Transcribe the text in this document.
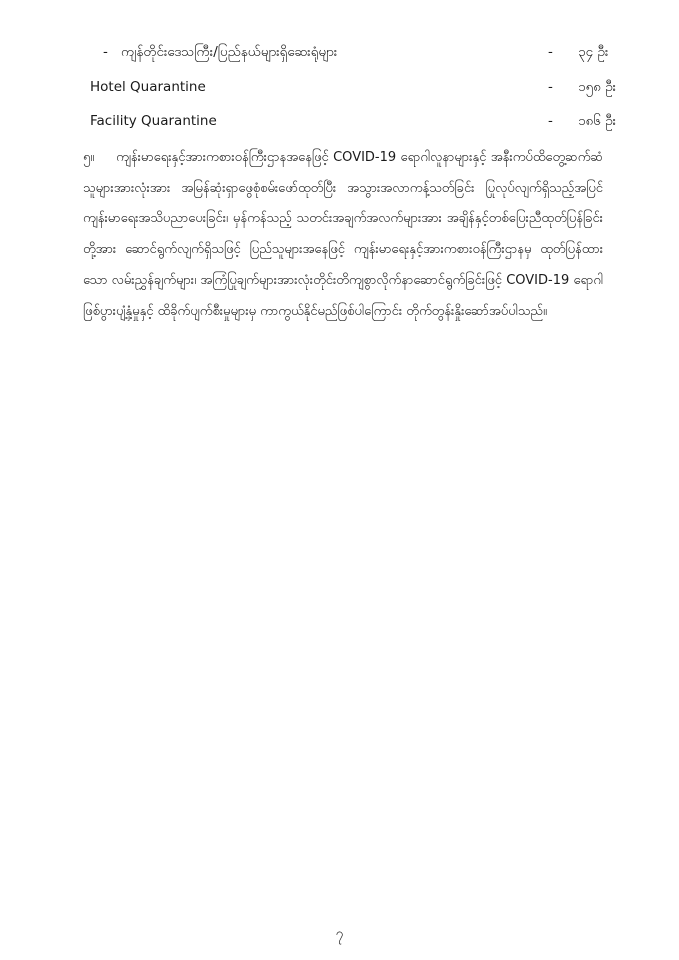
- ကျန်တိုင်းဒေသကြီး/ပြည်နယ်များရှိဆေးရုံများ	- ၃၄ ဦး
Hotel Quarantine	- ၁၅၈ ဦး
Facility Quarantine	- ၁၈၆ ဦး

၅။ ကျန်းမာရေးနှင့်အားကစားဝန်ကြီးဌာနအနေဖြင့် COVID-19 ရောဂါလူနာများနှင့် အနီးကပ်ထိတွေ့ဆက်ဆံသူများအားလုံးအား အမြန်ဆုံးရှာဖွေစုံစမ်းဖော်ထုတ်ပြီး အသွားအလာကန့်သတ်ခြင်း ပြုလုပ်လျက်ရှိသည့်အပြင် ကျန်းမာရေးအသိပညာပေးခြင်း၊ မှန်ကန်သည့် သတင်းအချက်အလက်များအား အချိန်နှင့်တစ်ပြေးညီထုတ်ပြန်ခြင်းတို့အား ဆောင်ရွက်လျက်ရှိသဖြင့် ပြည်သူများအနေဖြင့် ကျန်းမာရေးနှင့်အားကစားဝန်ကြီးဌာနမှ ထုတ်ပြန်ထားသော လမ်းညွှန်ချက်များ၊ အကြံပြုချက်များအားလုံးတိုင်းတိကျစွာလိုက်နာဆောင်ရွက်ခြင်းဖြင့် COVID-19 ရောဂါဖြစ်ပွားပျံ့နှံ့မှုနှင့် ထိခိုက်ပျက်စီးမှုများမှ ကာကွယ်နိုင်မည်ဖြစ်ပါကြောင်း တိုက်တွန်းနှိုးဆော်အပ်ပါသည်။

၇
